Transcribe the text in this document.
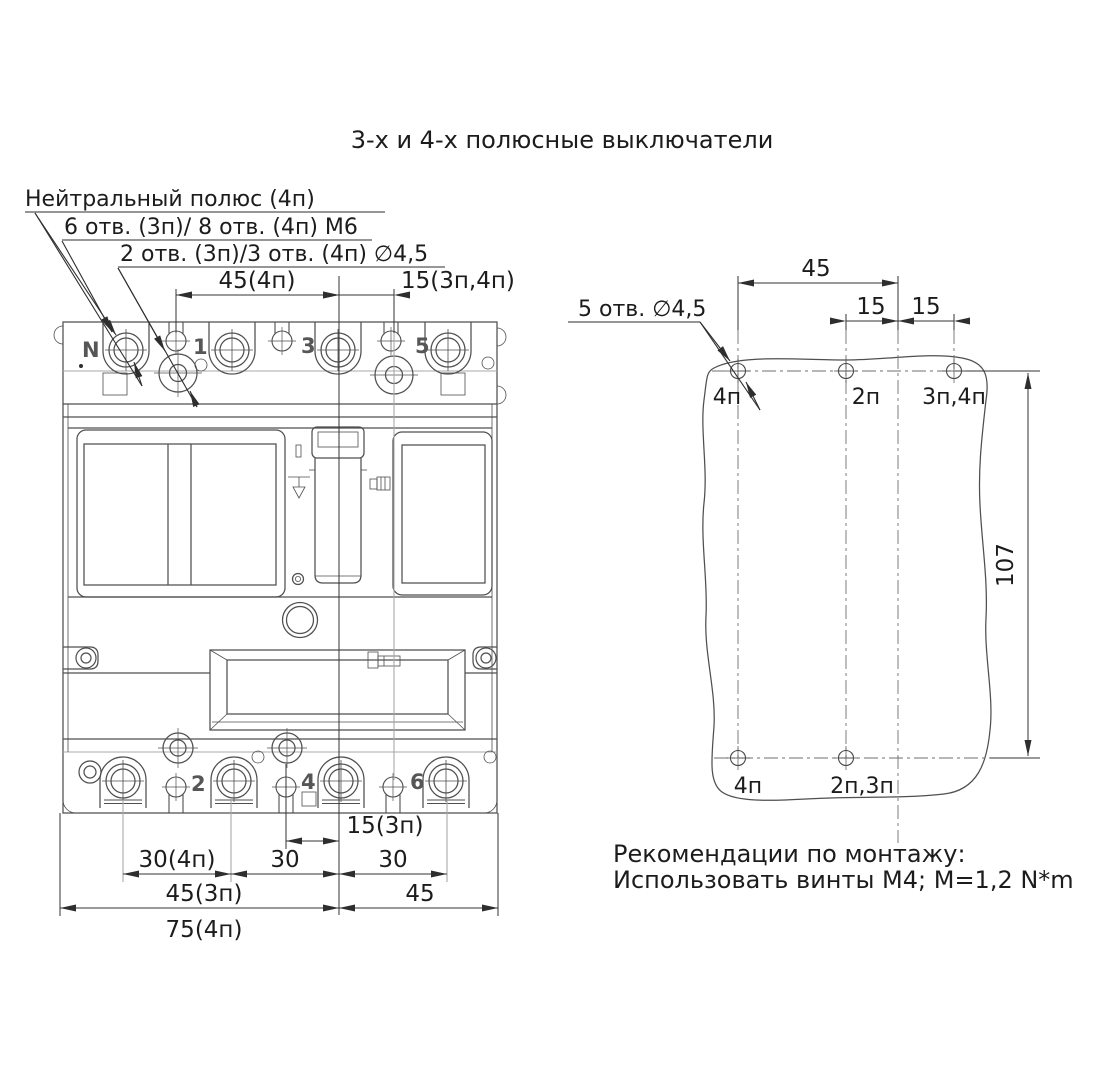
3-х и 4-х полюсные выключатели
N	1	3	5
2	4	6
Нейтральный полюс (4п)
6 отв. (3п)/ 8 отв. (4п) М6
2 отв. (3п)/3 отв. (4п) ∅4,5
45(4п)	15(3п,4п)
15(3п)
30(4п) 30	30
45(3п)	45
75(4п)
4п	2п 3п,4п
4п	2п,3п
5 отв. ∅4,5
45
15 15
107
Рекомендации по монтажу:
Использовать винты М4; М=1,2 N*m
